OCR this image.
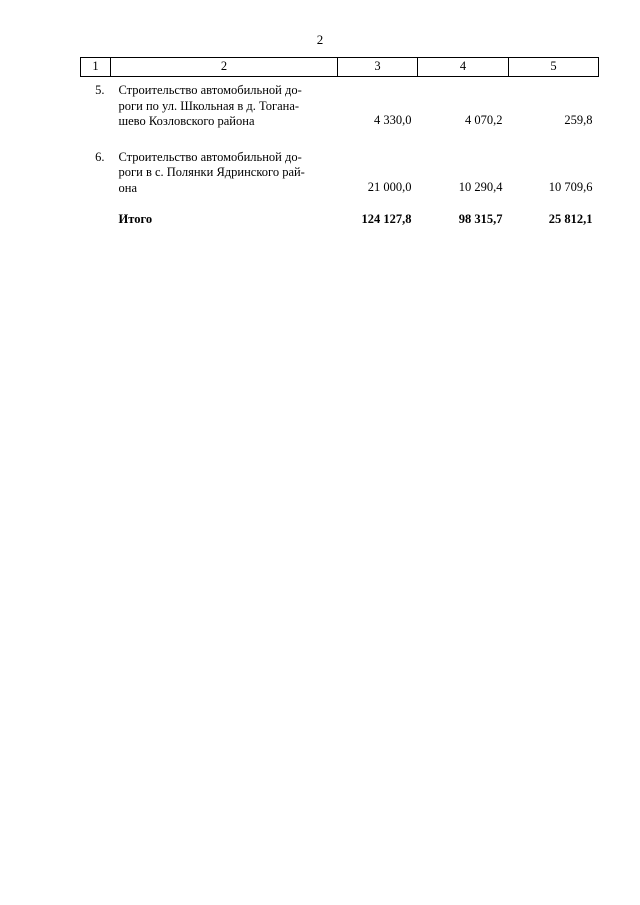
2
1	2	3	4	5
5.	Строительство автомобильной до-
роги по ул. Школьная в д. Тогана-
шево Козловского района	4 330,0	4 070,2	259,8

6.	Строительство автомобильной до-
роги в с. Полянки Ядринского рай-
она	21 000,0	10 290,4	10 709,6

	Итого	124 127,8	98 315,7	25 812,1
